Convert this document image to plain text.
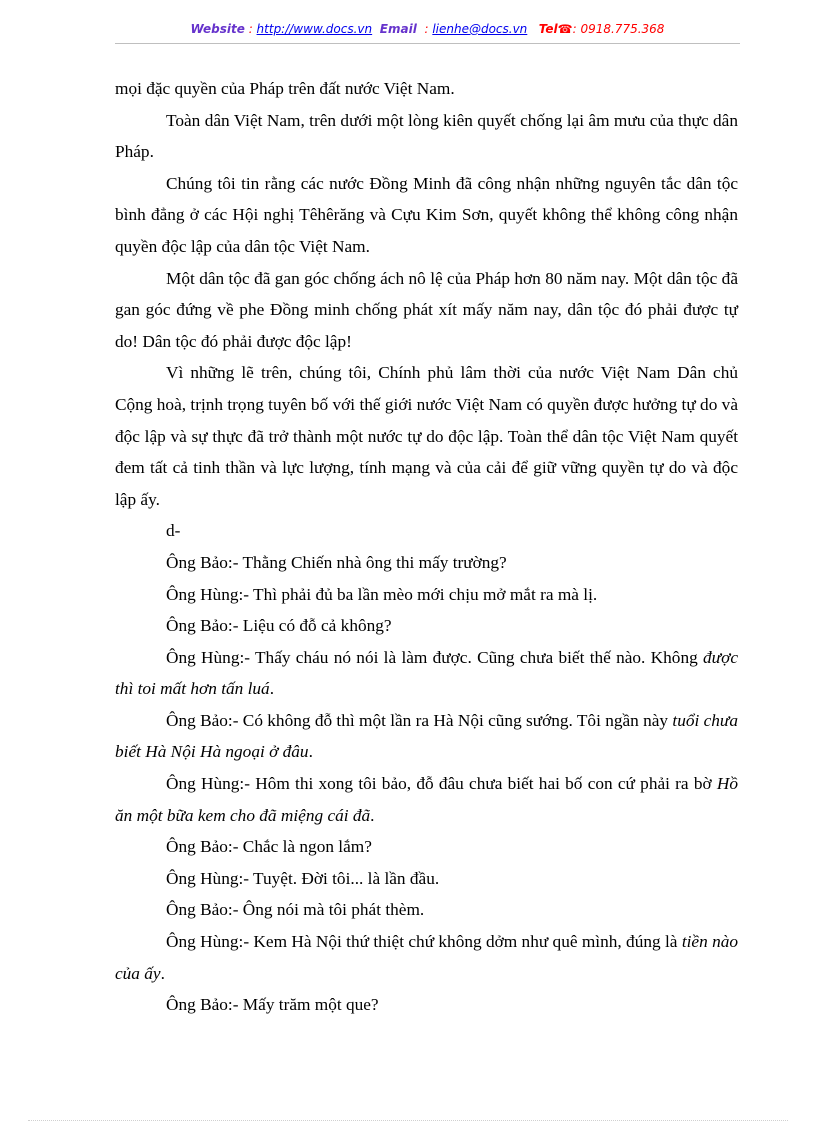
Website : http://www.docs.vn Email  : lienhe@docs.vn Tel☎: 0918.775.368

mọi đặc quyền của Pháp trên đất nước Việt Nam.

Toàn dân Việt Nam, trên dưới một lòng kiên quyết chống lại âm mưu của thực dân Pháp.

Chúng tôi tin rằng các nước Đồng Minh đã công nhận những nguyên tắc dân tộc bình đẳng ở các Hội nghị Têhêrăng và Cựu Kim Sơn, quyết không thể không công nhận quyền độc lập của dân tộc Việt Nam.

Một dân tộc đã gan góc chống ách nô lệ của Pháp hơn 80 năm nay. Một dân tộc đã gan góc đứng về phe Đồng minh chống phát xít mấy năm nay, dân tộc đó phải được tự do! Dân tộc đó phải được độc lập!

Vì những lẽ trên, chúng tôi, Chính phủ lâm thời của nước Việt Nam Dân chủ Cộng hoà, trịnh trọng tuyên bố với thế giới nước Việt Nam có quyền được hưởng tự do và độc lập và sự thực đã trở thành một nước tự do độc lập. Toàn thể dân tộc Việt Nam quyết đem tất cả tinh thần và lực lượng, tính mạng và của cải để giữ vững quyền tự do và độc lập ấy.

d-

Ông Bảo:- Thằng Chiến nhà ông thi mấy trường?

Ông Hùng:- Thì phải đủ ba lần mèo mới chịu mở mắt ra mà lị.

Ông Bảo:- Liệu có đỗ cả không?

Ông Hùng:- Thấy cháu nó nói là làm được. Cũng chưa biết thế nào. Không được thì toi mất hơn tấn luá.

Ông Bảo:- Có không đỗ thì một lần ra Hà Nội cũng sướng. Tôi ngần này tuổi chưa biết Hà Nội Hà ngoại ở đâu.

Ông Hùng:- Hôm thi xong tôi bảo, đỗ đâu chưa biết hai bố con cứ phải ra bờ Hồ ăn một bữa kem cho đã miệng cái đã.

Ông Bảo:- Chắc là ngon lắm?

Ông Hùng:- Tuyệt. Đời tôi... là lần đầu.

Ông Bảo:- Ông nói mà tôi phát thèm.

Ông Hùng:- Kem Hà Nội thứ thiệt chứ không dởm như quê mình, đúng là tiền nào của ấy.

Ông Bảo:- Mấy trăm một que?
